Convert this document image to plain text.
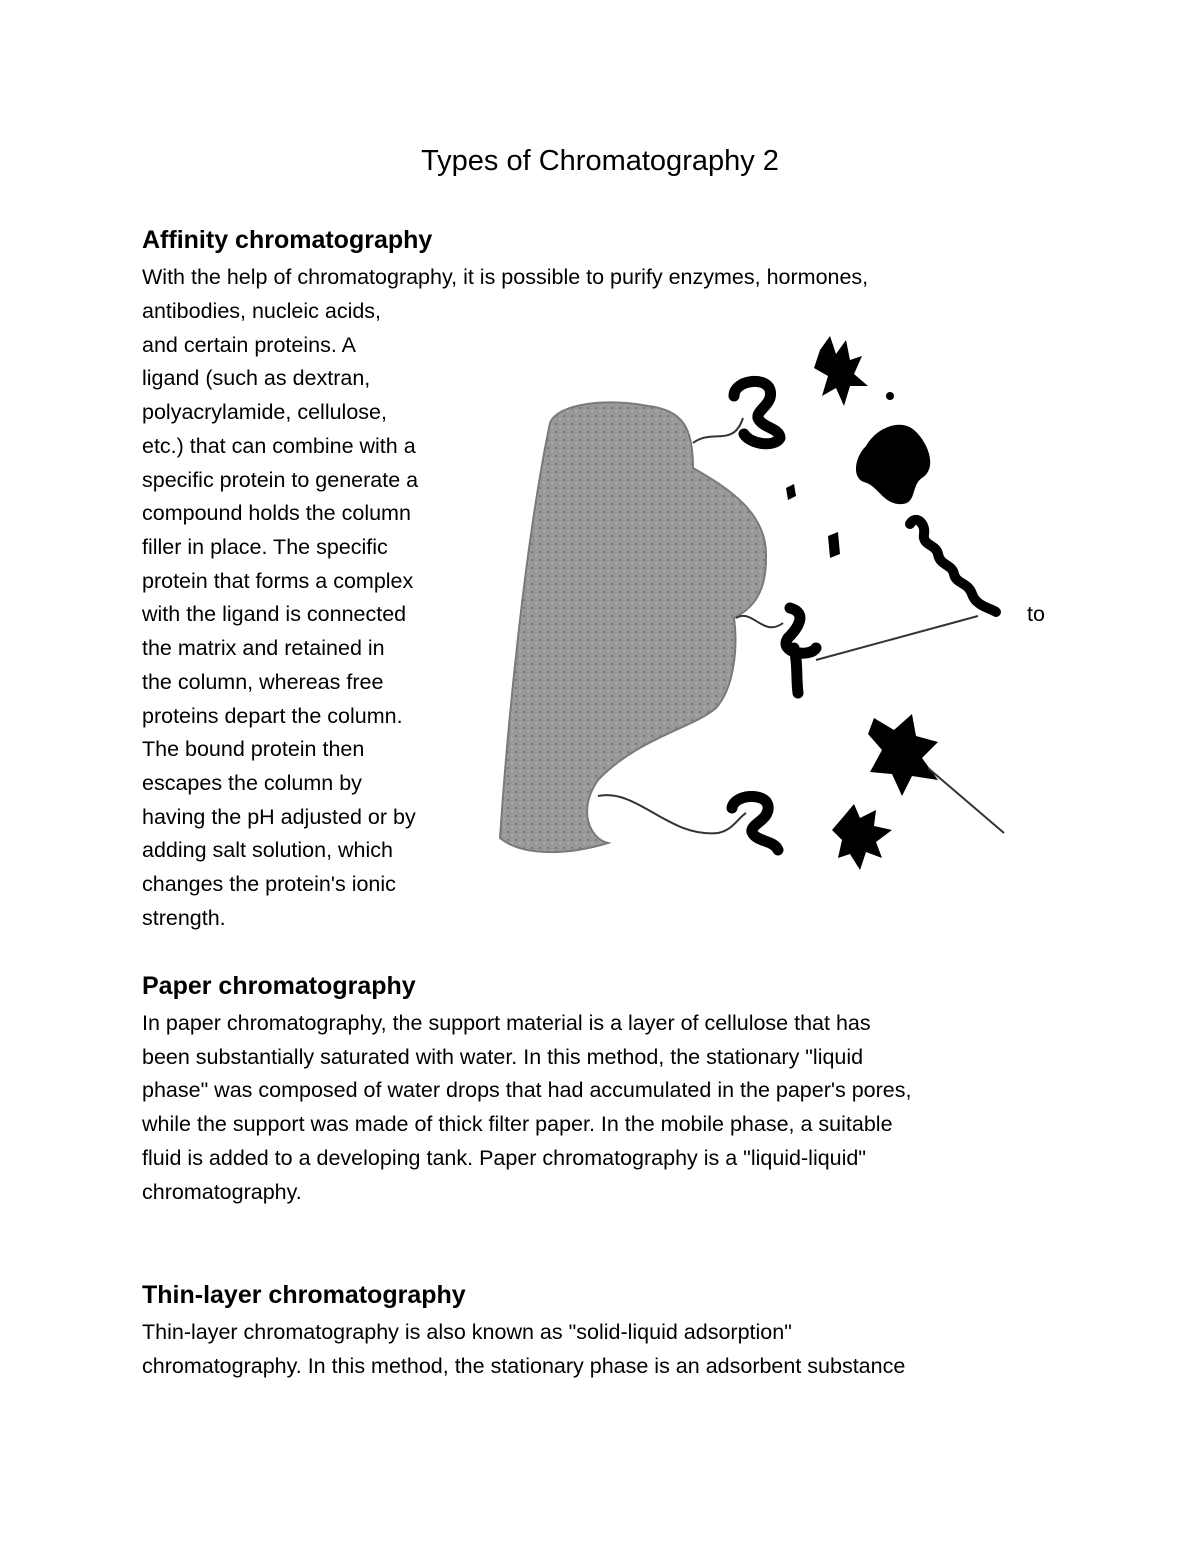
Types of Chromatography 2
Affinity chromatography

With the help of chromatography, it is possible to purify enzymes, hormones,

antibodies, nucleic acids,

and certain proteins. A

ligand (such as dextran,

polyacrylamide, cellulose,

etc.) that can combine with a

specific protein to generate a

compound holds the column

filler in place. The specific

protein that forms a complex

with the ligand is connected

the matrix and retained in

the column, whereas free

proteins depart the column.

The bound protein then

escapes the column by

having the pH adjusted or by

adding salt solution, which

changes the protein's ionic

strength.

to
Paper chromatography

In paper chromatography, the support material is a layer of cellulose that has

been substantially saturated with water. In this method, the stationary "liquid

phase" was composed of water drops that had accumulated in the paper's pores,

while the support was made of thick filter paper. In the mobile phase, a suitable

fluid is added to a developing tank. Paper chromatography is a "liquid-liquid"

chromatography.

Thin-layer chromatography

Thin-layer chromatography is also known as "solid-liquid adsorption"

chromatography. In this method, the stationary phase is an adsorbent substance
